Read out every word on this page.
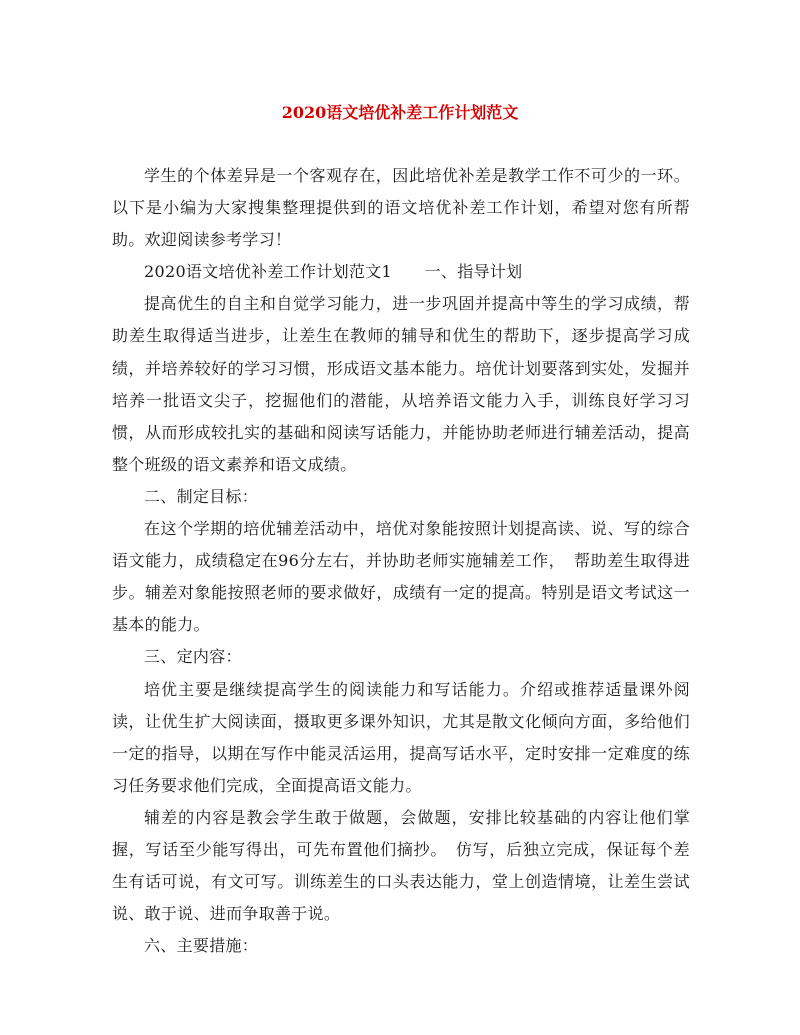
2020语文培优补差工作计划范文

学生的个体差异是一个客观存在，因此培优补差是教学工作不可少的一环。以下是小编为大家搜集整理提供到的语文培优补差工作计划，希望对您有所帮助。欢迎阅读参考学习！

2020语文培优补差工作计划范文1　　一、指导计划

提高优生的自主和自觉学习能力，进一步巩固并提高中等生的学习成绩，帮助差生取得适当进步，让差生在教师的辅导和优生的帮助下，逐步提高学习成绩，并培养较好的学习习惯，形成语文基本能力。培优计划要落到实处，发掘并培养一批语文尖子，挖掘他们的潜能，从培养语文能力入手，训练良好学习习惯，从而形成较扎实的基础和阅读写话能力，并能协助老师进行辅差活动，提高整个班级的语文素养和语文成绩。

二、制定目标：

在这个学期的培优辅差活动中，培优对象能按照计划提高读、说、写的综合语文能力，成绩稳定在96分左右，并协助老师实施辅差工作，　帮助差生取得进步。辅差对象能按照老师的要求做好，成绩有一定的提高。特别是语文考试这一基本的能力。

三、定内容：

培优主要是继续提高学生的阅读能力和写话能力。介绍或推荐适量课外阅读，让优生扩大阅读面，摄取更多课外知识，尤其是散文化倾向方面，多给他们一定的指导，以期在写作中能灵活运用，提高写话水平，定时安排一定难度的练习任务要求他们完成，全面提高语文能力。

辅差的内容是教会学生敢于做题，会做题，安排比较基础的内容让他们掌握，写话至少能写得出，可先布置他们摘抄。　仿写，后独立完成，保证每个差生有话可说，有文可写。训练差生的口头表达能力，堂上创造情境，让差生尝试说、敢于说、进而争取善于说。

六、主要措施：
